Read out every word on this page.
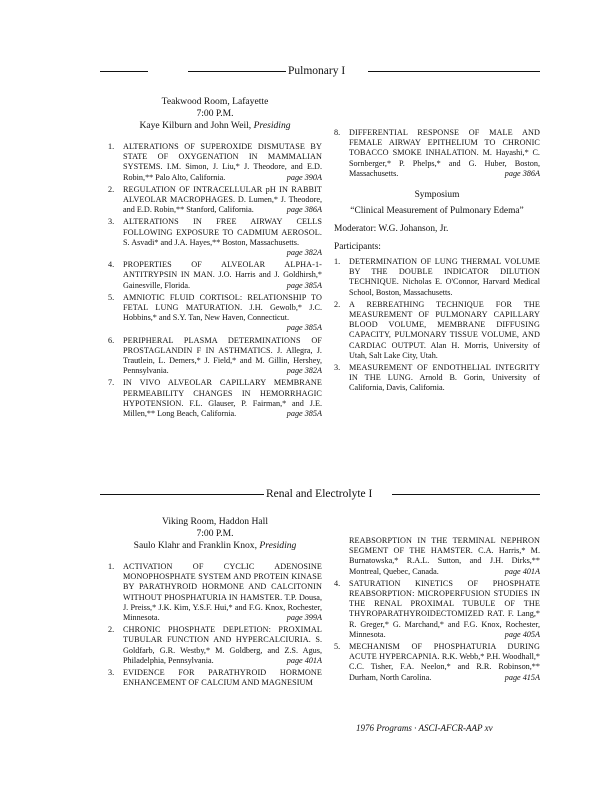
Pulmonary I
Teakwood Room, Lafayette
7:00 P.M.
Kaye Kilburn and John Weil, Presiding
1. ALTERATIONS OF SUPEROXIDE DISMUTASE BY STATE OF OXYGENATION IN MAMMALIAN SYSTEMS. I.M. Simon, J. Liu,* J. Theodore, and E.D. Robin,** Palo Alto, California.	page 390A
2. REGULATION OF INTRACELLULAR pH IN RABBIT ALVEOLAR MACROPHAGES. D. Lumen,* J. Theodore, and E.D. Robin,** Stanford, California.	page 386A
3. ALTERATIONS IN FREE AIRWAY CELLS FOLLOWING EXPOSURE TO CADMIUM AEROSOL. S. Asvadi* and J.A. Hayes,** Boston, Massachusetts.
page 382A
4. PROPERTIES OF ALVEOLAR ALPHA-1-ANTITRYPSIN IN MAN. J.O. Harris and J. Goldhirsh,* Gainesville, Florida.	page 385A
5. AMNIOTIC FLUID CORTISOL: RELATIONSHIP TO FETAL LUNG MATURATION. J.H. Gewolb,* J.C. Hobbins,* and S.Y. Tan, New Haven, Connecticut.
page 385A
6. PERIPHERAL PLASMA DETERMINATIONS OF PROSTAGLANDIN F IN ASTHMATICS. J. Allegra, J. Trautlein, L. Demers,* J. Field,* and M. Gillin, Hershey, Pennsylvania.	page 382A
7. IN VIVO ALVEOLAR CAPILLARY MEMBRANE PERMEABILITY CHANGES IN HEMORRHAGIC HYPOTENSION. F.L. Glauser, P. Fairman,* and J.E. Millen,** Long Beach, California.	page 385A
8. DIFFERENTIAL RESPONSE OF MALE AND FEMALE AIRWAY EPITHELIUM TO CHRONIC TOBACCO SMOKE INHALATION. M. Hayashi,* C. Sornberger,* P. Phelps,* and G. Huber, Boston, Massachusetts.	page 386A
Symposium
“Clinical Measurement of Pulmonary Edema”
Moderator: W.G. Johanson, Jr.
Participants:
1. DETERMINATION OF LUNG THERMAL VOLUME BY THE DOUBLE INDICATOR DILUTION TECHNIQUE. Nicholas E. O'Connor, Harvard Medical School, Boston, Massachusetts.
2. A REBREATHING TECHNIQUE FOR THE MEASUREMENT OF PULMONARY CAPILLARY BLOOD VOLUME, MEMBRANE DIFFUSING CAPACITY, PULMONARY TISSUE VOLUME, AND CARDIAC OUTPUT. Alan H. Morris, University of Utah, Salt Lake City, Utah.
3. MEASUREMENT OF ENDOTHELIAL INTEGRITY IN THE LUNG. Arnold B. Gorin, University of California, Davis, California.
Renal and Electrolyte I
Viking Room, Haddon Hall
7:00 P.M.
Saulo Klahr and Franklin Knox, Presiding
1. ACTIVATION OF CYCLIC ADENOSINE MONOPHOSPHATE SYSTEM AND PROTEIN KINASE BY PARATHYROID HORMONE AND CALCITONIN WITHOUT PHOSPHATURIA IN HAMSTER. T.P. Dousa, J. Preiss,* J.K. Kim, Y.S.F. Hui,* and F.G. Knox, Rochester, Minnesota.	page 399A
2. CHRONIC PHOSPHATE DEPLETION: PROXIMAL TUBULAR FUNCTION AND HYPERCALCIURIA. S. Goldfarb, G.R. Westby,* M. Goldberg, and Z.S. Agus, Philadelphia, Pennsylvania.	page 401A
3. EVIDENCE FOR PARATHYROID HORMONE ENHANCEMENT OF CALCIUM AND MAGNESIUM
REABSORPTION IN THE TERMINAL NEPHRON SEGMENT OF THE HAMSTER. C.A. Harris,* M. Burnatowska,* R.A.L. Sutton, and J.H. Dirks,** Montreal, Quebec, Canada.	page 401A
4. SATURATION KINETICS OF PHOSPHATE REABSORPTION: MICROPERFUSION STUDIES IN THE RENAL PROXIMAL TUBULE OF THE THYROPARATHYROIDECTOMIZED RAT. F. Lang,* R. Greger,* G. Marchand,* and F.G. Knox, Rochester, Minnesota.	page 405A
5. MECHANISM OF PHOSPHATURIA DURING ACUTE HYPERCAPNIA. R.K. Webb,* P.H. Woodhall,* C.C. Tisher, F.A. Neelon,* and R.R. Robinson,** Durham, North Carolina.	page 415A
1976 Programs · ASCI-AFCR-AAP xv
